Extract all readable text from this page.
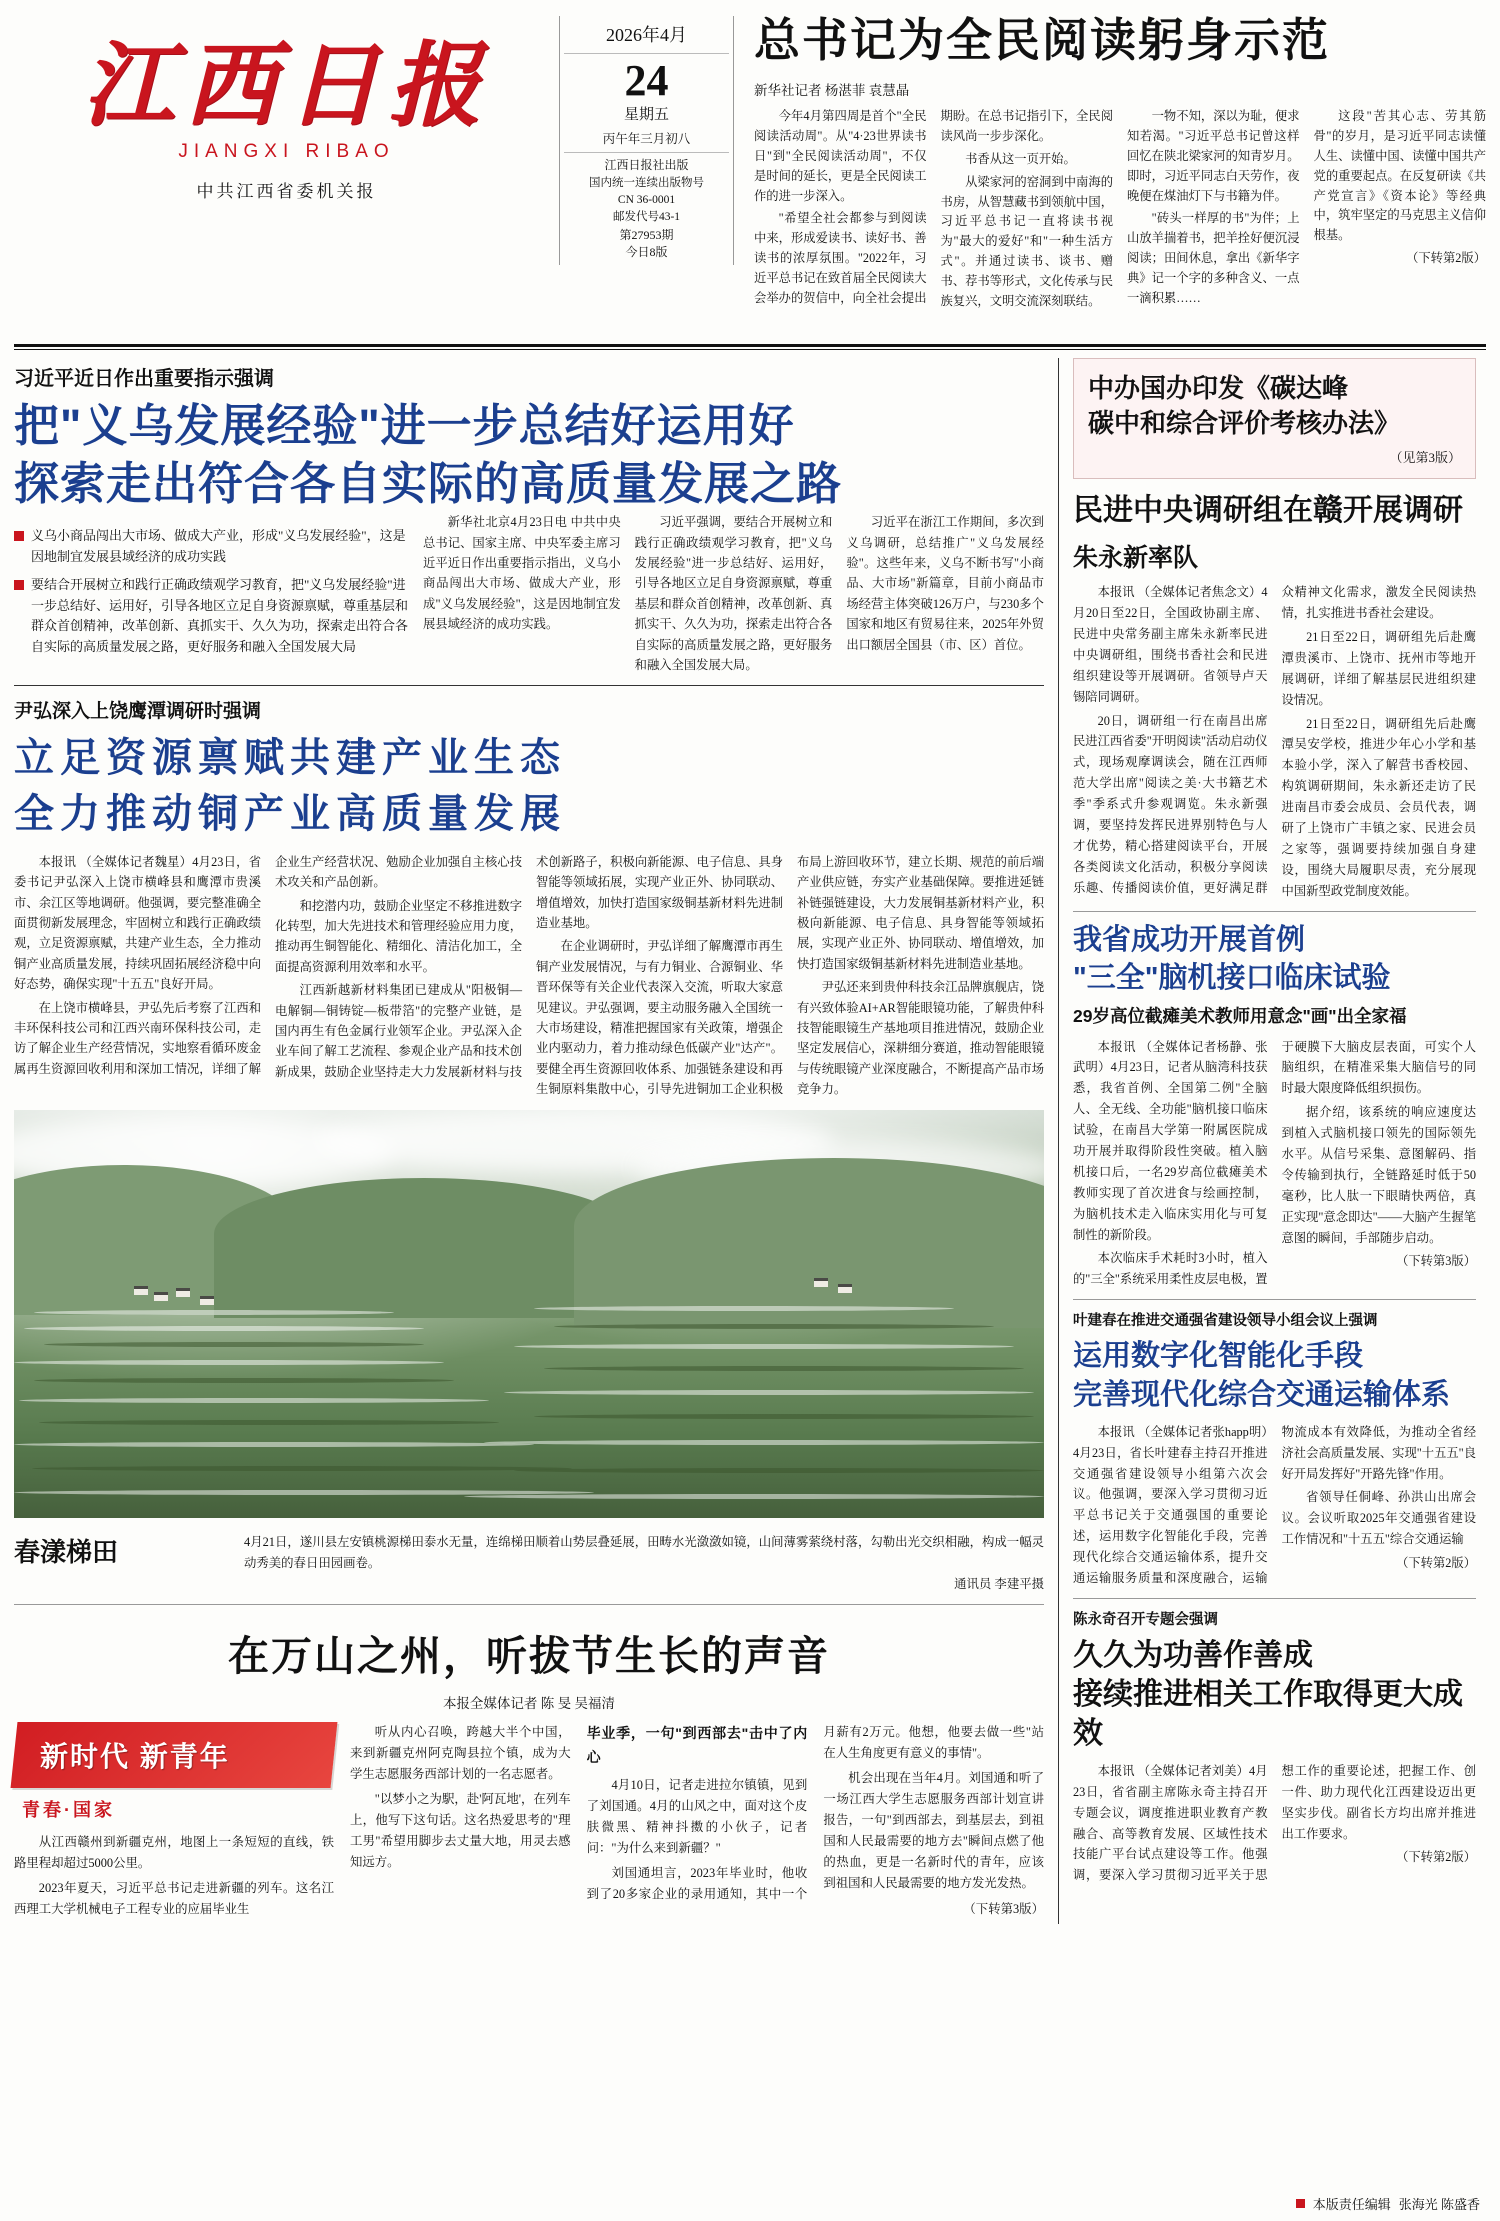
江西日报
JIANGXI RIBAO
中共江西省委机关报
2026年4月
24
星期五
丙午年三月初八
江西日报社出版
国内统一连续出版物号
CN 36-0001
邮发代号43-1
第27953期
今日8版
总书记为全民阅读躬身示范
新华社记者 杨湛菲 袁慧晶

今年4月第四周是首个"全民阅读活动周"。从"4·23世界读书日"到"全民阅读活动周"，不仅是时间的延长，更是全民阅读工作的进一步深入。

"希望全社会都参与到阅读中来，形成爱读书、读好书、善读书的浓厚氛围。"2022年，习近平总书记在致首届全民阅读大会举办的贺信中，向全社会提出期盼。在总书记指引下，全民阅读风尚一步步深化。

书香从这一页开始。

从梁家河的窑洞到中南海的书房，从智慧藏书到领航中国，习近平总书记一直将读书视为"最大的爱好"和"一种生活方式"。并通过读书、谈书、赠书、荐书等形式，文化传承与民族复兴，文明交流深刻联结。

一物不知，深以为耻，便求知若渴。"习近平总书记曾这样回忆在陕北梁家河的知青岁月。即时，习近平同志白天劳作，夜晚便在煤油灯下与书籍为伴。

"砖头一样厚的书"为伴；上山放羊揣着书，把羊拴好便沉浸阅读；田间休息，拿出《新华字典》记一个字的多种含义、一点一滴积累……

这段"苦其心志、劳其筋骨"的岁月，是习近平同志读懂人生、读懂中国、读懂中国共产党的重要起点。在反复研读《共产党宣言》《资本论》等经典中，筑牢坚定的马克思主义信仰根基。

（下转第2版）
习近平近日作出重要指示强调
把"义乌发展经验"进一步总结好运用好
探索走出符合各自实际的高质量发展之路
义乌小商品闯出大市场、做成大产业，形成"义乌发展经验"，这是因地制宜发展县域经济的成功实践
要结合开展树立和践行正确政绩观学习教育，把"义乌发展经验"进一步总结好、运用好，引导各地区立足自身资源禀赋，尊重基层和群众首创精神，改革创新、真抓实干、久久为功，探索走出符合各自实际的高质量发展之路，更好服务和融入全国发展大局

新华社北京4月23日电 中共中央总书记、国家主席、中央军委主席习近平近日作出重要指示指出，义乌小商品闯出大市场、做成大产业，形成"义乌发展经验"，这是因地制宜发展县域经济的成功实践。

习近平强调，要结合开展树立和践行正确政绩观学习教育，把"义乌发展经验"进一步总结好、运用好，引导各地区立足自身资源禀赋，尊重基层和群众首创精神，改革创新、真抓实干、久久为功，探索走出符合各自实际的高质量发展之路，更好服务和融入全国发展大局。

习近平在浙江工作期间，多次到义乌调研，总结推广"义乌发展经验"。这些年来，义乌不断书写"小商品、大市场"新篇章，目前小商品市场经营主体突破126万户，与230多个国家和地区有贸易往来，2025年外贸出口额居全国县（市、区）首位。

尹弘深入上饶鹰潭调研时强调
立足资源禀赋共建产业生态
全力推动铜产业高质量发展

本报讯 （全媒体记者魏星）4月23日，省委书记尹弘深入上饶市横峰县和鹰潭市贵溪市、余江区等地调研。他强调，要完整准确全面贯彻新发展理念，牢固树立和践行正确政绩观，立足资源禀赋，共建产业生态，全力推动铜产业高质量发展，持续巩固拓展经济稳中向好态势，确保实现"十五五"良好开局。

在上饶市横峰县，尹弘先后考察了江西和丰环保科技公司和江西兴南环保科技公司，走访了解企业生产经营情况，实地察看循环废金属再生资源回收利用和深加工情况，详细了解企业生产经营状况、勉励企业加强自主核心技术攻关和产品创新。

和挖潜内功，鼓励企业坚定不移推进数字化转型，加大先进技术和管理经验应用力度，推动再生铜智能化、精细化、清洁化加工，全面提高资源利用效率和水平。

江西新越新材料集团已建成从"阳极铜—电解铜—铜铸锭—板带箔"的完整产业链，是国内再生有色金属行业领军企业。尹弘深入企业车间了解工艺流程、参观企业产品和技术创新成果，鼓励企业坚持走大力发展新材料与技术创新路子，积极向新能源、电子信息、具身智能等领域拓展，实现产业正外、协同联动、增值增效，加快打造国家级铜基新材料先进制造业基地。

在企业调研时，尹弘详细了解鹰潭市再生铜产业发展情况，与有力铜业、合源铜业、华晋环保等有关企业代表深入交流，听取大家意见建议。尹弘强调，要主动服务融入全国统一大市场建设，精准把握国家有关政策，增强企业内驱动力，着力推动绿色低碳产业"达产"。要健全再生资源回收体系、加强链条建设和再生铜原料集散中心，引导先进铜加工企业积极布局上游回收环节，建立长期、规范的前后端产业供应链，夯实产业基础保障。要推进延链补链强链建设，大力发展铜基新材料产业，积极向新能源、电子信息、具身智能等领域拓展，实现产业正外、协同联动、增值增效，加快打造国家级铜基新材料先进制造业基地。

尹弘还来到贵仲科技余江品牌旗舰店，饶有兴致体验AI+AR智能眼镜功能，了解贵仲科技智能眼镜生产基地项目推进情况，鼓励企业坚定发展信心，深耕细分赛道，推动智能眼镜与传统眼镜产业深度融合，不断提高产品市场竞争力。

春漾梯田	4月21日，遂川县左安镇桃源梯田泰水无量，连绵梯田顺着山势层叠延展，田畴水光潋潋如镜，山间薄雾萦绕村落，勾勒出光交织相融，构成一幅灵动秀美的春日田园画卷。
通讯员 李建平摄
在万山之州，听拔节生长的声音
本报全媒体记者 陈 旻 吴福清
新时代 新青年
青春·国家

从江西赣州到新疆克州，地图上一条短短的直线，铁路里程却超过5000公里。

2023年夏天，习近平总书记走进新疆的列车。这名江西理工大学机械电子工程专业的应届毕业生

听从内心召唤，跨越大半个中国，来到新疆克州阿克陶县拉个镇，成为大学生志愿服务西部计划的一名志愿者。

"以梦小之为駅，赴'阿瓦地'，在列车上，他写下这句话。这名热爱思考的"理工男"希望用脚步去丈量大地，用灵去感知远方。

毕业季，一句"到西部去"击中了内心

4月10日，记者走进拉尔镇镇，见到了刘国通。4月的山风之中，面对这个皮肤微黑、精神抖擞的小伙子，记者问："为什么来到新疆？"

刘国通坦言，2023年毕业时，他收到了20多家企业的录用通知，其中一个月薪有2万元。他想，他要去做一些"站在人生角度更有意义的事情"。

机会出现在当年4月。刘国通和听了一场江西大学生志愿服务西部计划宣讲报告，一句"到西部去，到基层去，到祖国和人民最需要的地方去"瞬间点燃了他的热血，更是一名新时代的青年，应该到祖国和人民最需要的地方发光发热。

（下转第3版）
中办国办印发《碳达峰
碳中和综合评价考核办法》
（见第3版）
民进中央调研组在赣开展调研
朱永新率队

本报讯 （全媒体记者焦念文）4月20日至22日，全国政协副主席、民进中央常务副主席朱永新率民进中央调研组，围绕书香社会和民进组织建设等开展调研。省领导卢天锡陪同调研。

20日，调研组一行在南昌出席民进江西省委"开明阅读"活动启动仪式，现场观摩调读会，随在江西师范大学出席"阅读之美·大书籍艺术季"季系式升参观调览。朱永新强调，要坚持发挥民进界别特色与人才优势，精心搭建阅读平台，开展各类阅读文化活动，积极分享阅读乐趣、传播阅读价值，更好满足群众精神文化需求，激发全民阅读热情，扎实推进书香社会建设。

21日至22日，调研组先后赴鹰潭贵溪市、上饶市、抚州市等地开展调研，详细了解基层民进组织建设情况。

21日至22日，调研组先后赴鹰潭吴安学校，推进少年心小学和基本验小学，深入了解营书香校园、构筑调研期间，朱永新还走访了民进南昌市委会成员、会员代表，调研了上饶市广丰镇之家、民进会员之家等，强调要持续加强自身建设，围绕大局履职尽责，充分展现中国新型政党制度效能。

我省成功开展首例
"三全"脑机接口临床试验
29岁高位截瘫美术教师用意念"画"出全家福

本报讯 （全媒体记者杨静、张武明）4月23日，记者从脑湾科技获悉，我省首例、全国第二例"全脑人、全无线、全功能"脑机接口临床试验，在南昌大学第一附属医院成功开展并取得阶段性突破。植入脑机接口后，一名29岁高位截瘫美术教师实现了首次进食与绘画控制，为脑机技术走入临床实用化与可复制性的新阶段。

本次临床手术耗时3小时，植入的"三全"系统采用柔性皮层电极，置于硬膜下大脑皮层表面，可实个人脑组织，在精准采集大脑信号的同时最大限度降低组织损伤。

据介绍，该系统的响应速度达到植入式脑机接口领先的国际领先水平。从信号采集、意图解码、指令传输到执行，全链路延时低于50毫秒，比人肽一下眼睛快两倍，真正实现"意念即达"——大脑产生握笔意图的瞬间，手部随步启动。

（下转第3版）
叶建春在推进交通强省建设领导小组会议上强调
运用数字化智能化手段
完善现代化综合交通运输体系

本报讯 （全媒体记者张happ明）4月23日，省长叶建春主持召开推进交通强省建设领导小组第六次会议。他强调，要深入学习贯彻习近平总书记关于交通强国的重要论述，运用数字化智能化手段，完善现代化综合交通运输体系，提升交通运输服务质量和深度融合，运输物流成本有效降低，为推动全省经济社会高质量发展、实现"十五五"良好开局发挥好"开路先锋"作用。

省领导任侗峰、孙洪山出席会议。会议听取2025年交通强省建设工作情况和"十五五"综合交通运输

（下转第2版）
陈永奇召开专题会强调
久久为功善作善成
接续推进相关工作取得更大成效

本报讯 （全媒体记者刘美）4月23日，省省副主席陈永奇主持召开专题会议，调度推进职业教育产教融合、高等教育发展、区域性技术技能广平台试点建设等工作。他强调，要深入学习贯彻习近平关于思想工作的重要论述，把握工作、创一件、助力现代化江西建设迈出更坚实步伐。副省长方均出席并推进出工作要求。

（下转第2版）
本版责任编辑 张海光 陈盛香
